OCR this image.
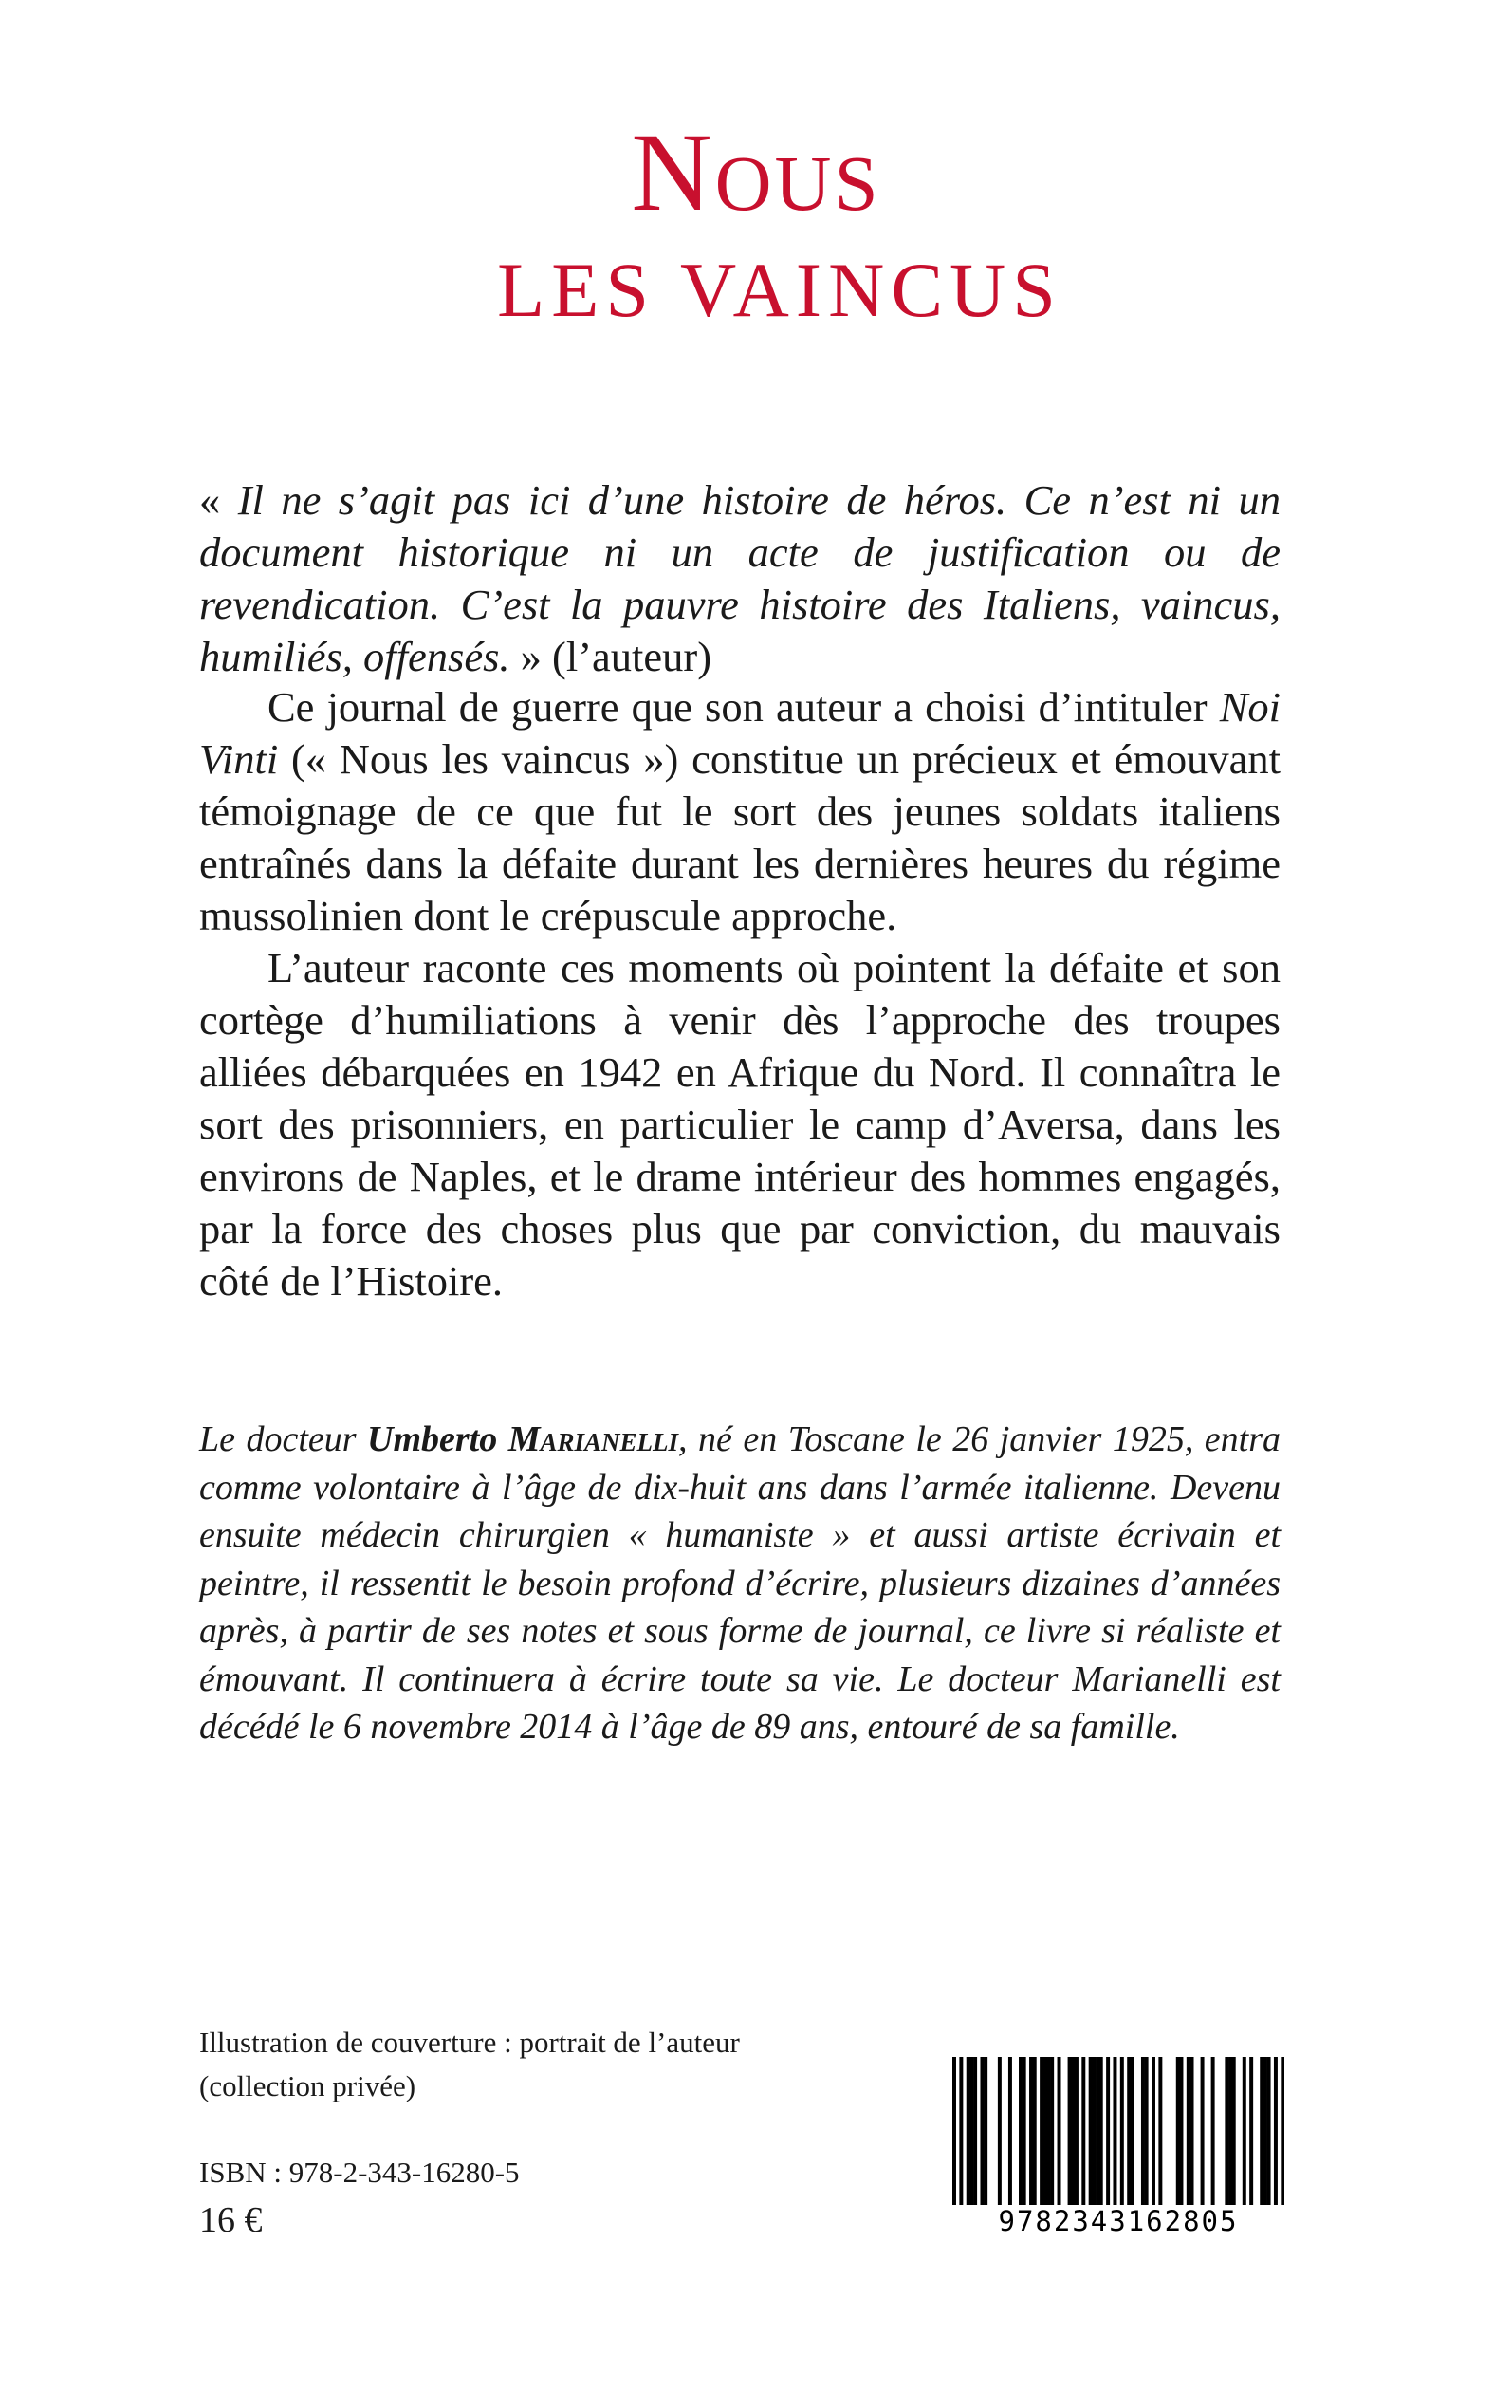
Nous
LES VAINCUS
« Il ne s’agit pas ici d’une histoire de héros. Ce n’est ni un document historique ni un acte de justification ou de revendication. C’est la pauvre histoire des Italiens, vaincus, humiliés, offensés. » (l’auteur)

Ce journal de guerre que son auteur a choisi d’intituler Noi Vinti (« Nous les vaincus ») constitue un précieux et émouvant témoignage de ce que fut le sort des jeunes soldats italiens entraînés dans la défaite durant les dernières heures du régime mussolinien dont le crépuscule approche.

L’auteur raconte ces moments où pointent la défaite et son cortège d’humiliations à venir dès l’approche des troupes alliées débarquées en 1942 en Afrique du Nord. Il connaîtra le sort des prisonniers, en particulier le camp d’Aversa, dans les environs de Naples, et le drame intérieur des hommes engagés, par la force des choses plus que par conviction, du mauvais côté de l’Histoire.

Le docteur Umberto Marianelli, né en Toscane le 26 janvier 1925, entra comme volontaire à l’âge de dix-huit ans dans l’armée italienne. Devenu ensuite médecin chirurgien « humaniste » et aussi artiste écrivain et peintre, il ressentit le besoin profond d’écrire, plusieurs dizaines d’années après, à partir de ses notes et sous forme de journal, ce livre si réaliste et émouvant. Il continuera à écrire toute sa vie. Le docteur Marianelli est décédé le 6 novembre 2014 à l’âge de 89 ans, entouré de sa famille.
Illustration de couverture : portrait de l’auteur
(collection privée)
ISBN : 978-2-343-16280-5
16 €	9782343162805
